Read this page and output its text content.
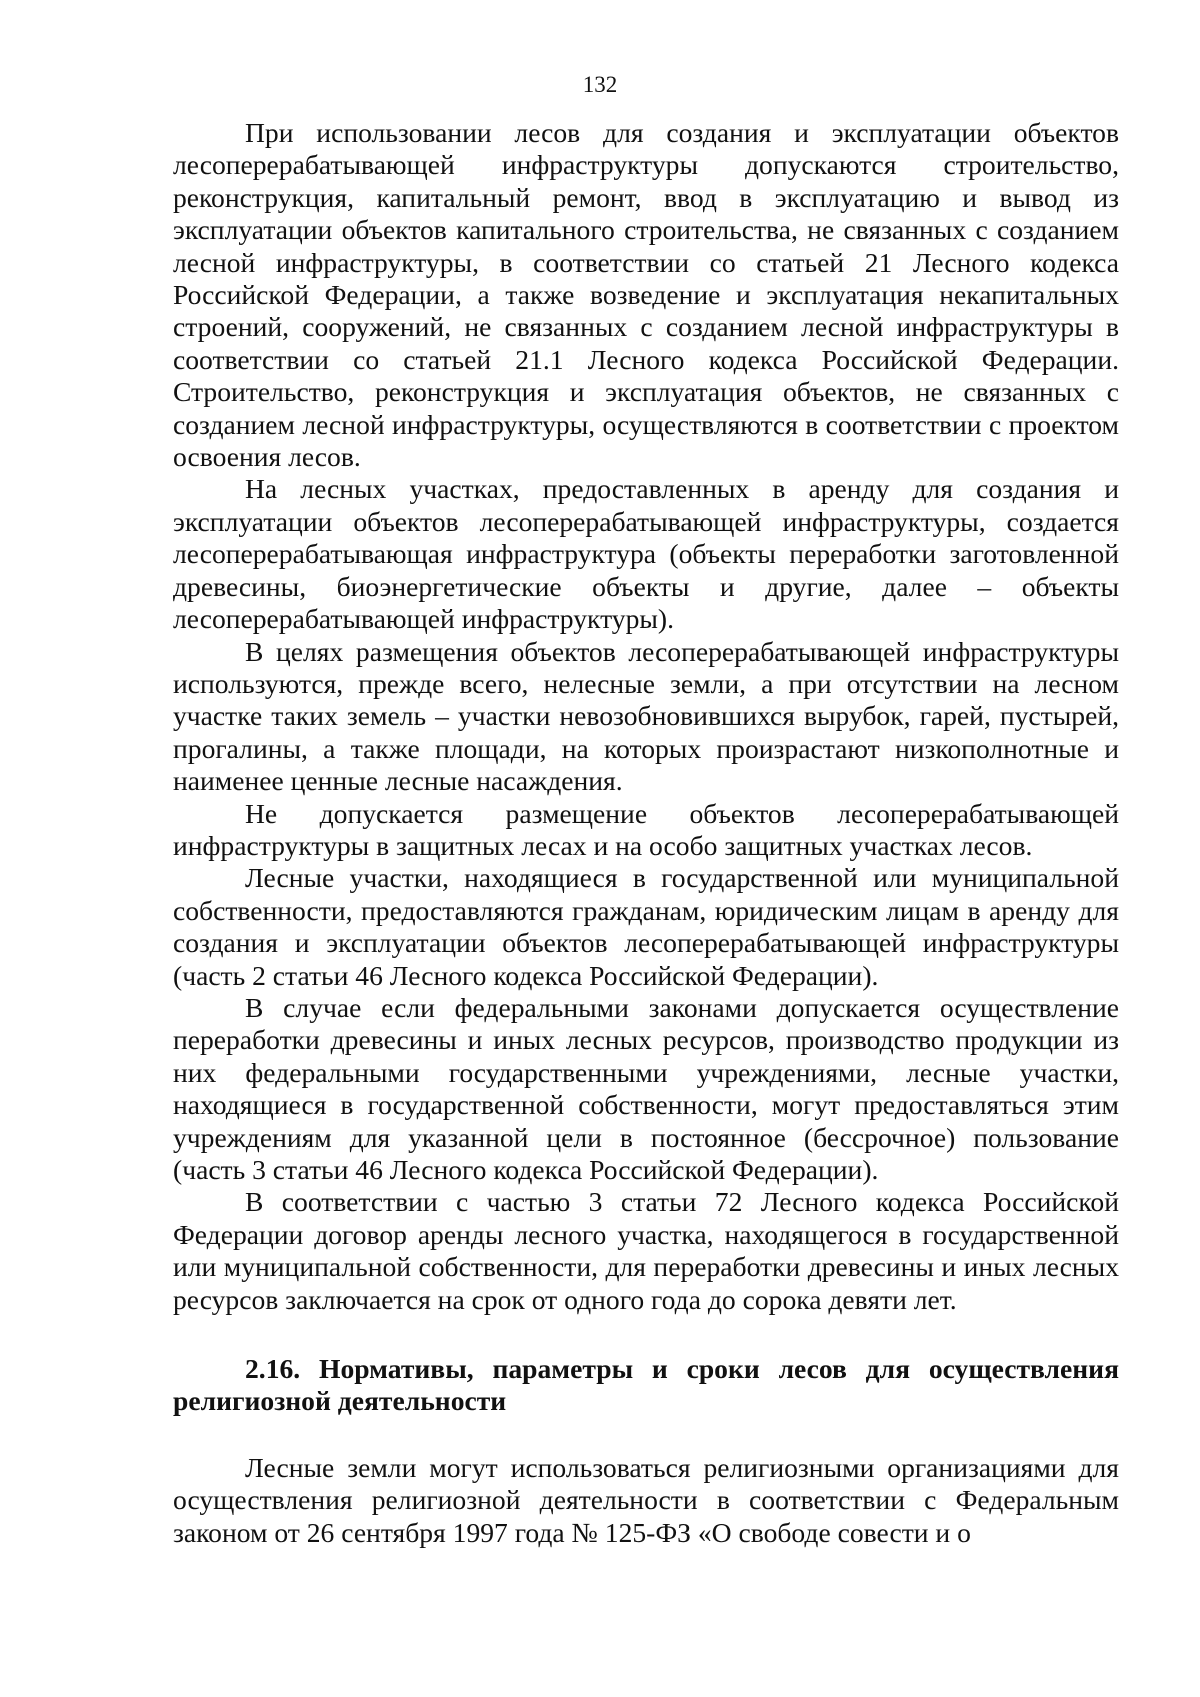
132

При использовании лесов для создания и эксплуатации объектов лесоперерабатывающей инфраструктуры допускаются строительство, реконструкция, капитальный ремонт, ввод в эксплуатацию и вывод из эксплуатации объектов капитального строительства, не связанных с созданием лесной инфраструктуры, в соответствии со статьей 21 Лесного кодекса Российской Федерации, а также возведение и эксплуатация некапитальных строений, сооружений, не связанных с созданием лесной инфраструктуры в соответствии со статьей 21.1 Лесного кодекса Российской Федерации. Строительство, реконструкция и эксплуатация объектов, не связанных с созданием лесной инфраструктуры, осуществляются в соответствии с проектом освоения лесов.

На лесных участках, предоставленных в аренду для создания и эксплуатации объектов лесоперерабатывающей инфраструктуры, создается лесоперерабатывающая инфраструктура (объекты переработки заготовленной древесины, биоэнергетические объекты и другие, далее – объекты лесоперерабатывающей инфраструктуры).

В целях размещения объектов лесоперерабатывающей инфраструктуры используются, прежде всего, нелесные земли, а при отсутствии на лесном участке таких земель – участки невозобновившихся вырубок, гарей, пустырей, прогалины, а также площади, на которых произрастают низкополнотные и наименее ценные лесные насаждения.

Не допускается размещение объектов лесоперерабатывающей инфраструктуры в защитных лесах и на особо защитных участках лесов.

Лесные участки, находящиеся в государственной или муниципальной собственности, предоставляются гражданам, юридическим лицам в аренду для создания и эксплуатации объектов лесоперерабатывающей инфраструктуры (часть 2 статьи 46 Лесного кодекса Российской Федерации).

В случае если федеральными законами допускается осуществление переработки древесины и иных лесных ресурсов, производство продукции из них федеральными государственными учреждениями, лесные участки, находящиеся в государственной собственности, могут предоставляться этим учреждениям для указанной цели в постоянное (бессрочное) пользование (часть 3 статьи 46 Лесного кодекса Российской Федерации).

В соответствии с частью 3 статьи 72 Лесного кодекса Российской Федерации договор аренды лесного участка, находящегося в государственной или муниципальной собственности, для переработки древесины и иных лесных ресурсов заключается на срок от одного года до сорока девяти лет.

2.16. Нормативы, параметры и сроки лесов для осуществления религиозной деятельности

Лесные земли могут использоваться религиозными организациями для осуществления религиозной деятельности в соответствии с Федеральным законом от 26 сентября 1997 года № 125-ФЗ «О свободе совести и о
